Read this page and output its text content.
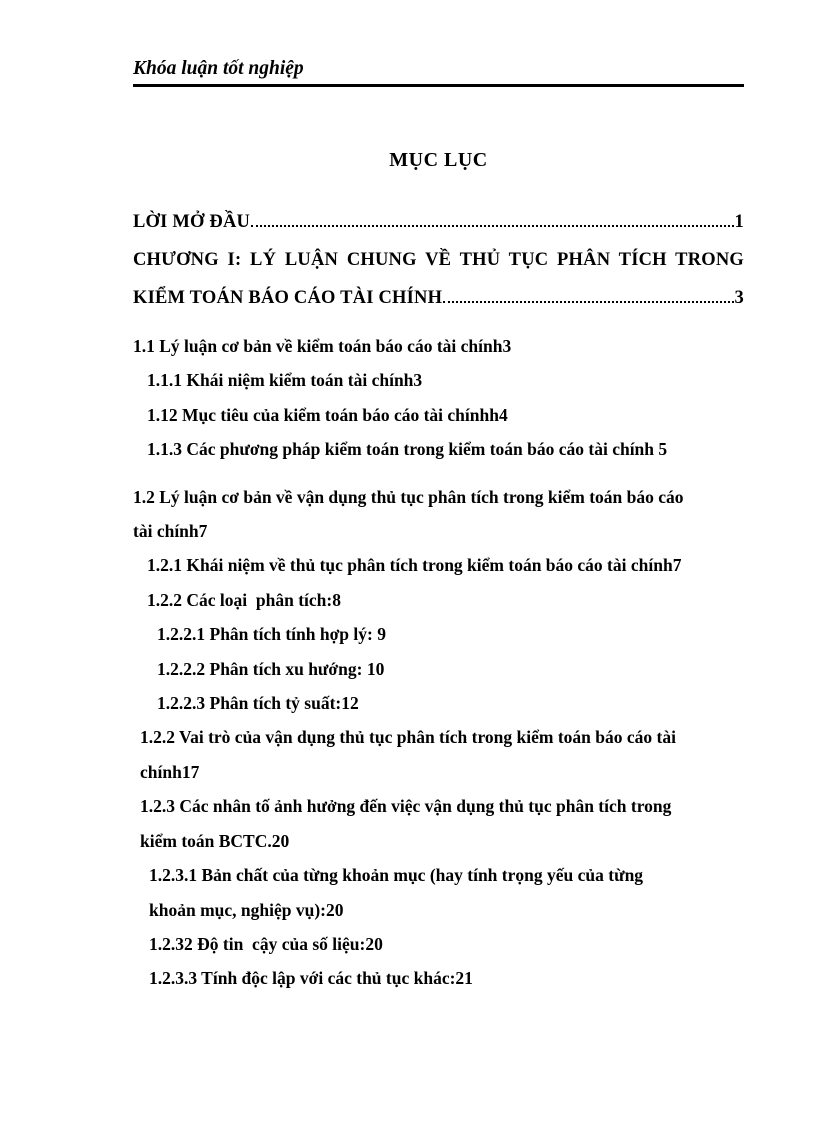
Khóa luận tốt nghiệp
MỤC LỤC
LỜI MỞ ĐẦU	1
CHƯƠNG I: LÝ LUẬN CHUNG VỀ THỦ TỤC PHÂN TÍCH TRONG
KIỂM TOÁN BÁO CÁO TÀI CHÍNH	3
1.1 Lý luận cơ bản về kiểm toán báo cáo tài chính3
1.1.1 Khái niệm kiểm toán tài chính3
1.12 Mục tiêu của kiểm toán báo cáo tài chínhh4
1.1.3 Các phương pháp kiểm toán trong kiểm toán báo cáo tài chính 5
1.2 Lý luận cơ bản về vận dụng thủ tục phân tích trong kiểm toán báo cáo
tài chính7
1.2.1 Khái niệm về thủ tục phân tích trong kiểm toán báo cáo tài chính7
1.2.2 Các loại  phân tích:8
1.2.2.1 Phân tích tính hợp lý: 9
1.2.2.2 Phân tích xu hướng: 10
1.2.2.3 Phân tích tỷ suất:12
1.2.2 Vai trò của vận dụng thủ tục phân tích trong kiểm toán báo cáo tài
chính17
1.2.3 Các nhân tố ảnh hưởng đến việc vận dụng thủ tục phân tích trong
kiểm toán BCTC.20
1.2.3.1 Bản chất của từng khoản mục (hay tính trọng yếu của từng
khoản mục, nghiệp vụ):20
1.2.32 Độ tin  cậy của số liệu:20
1.2.3.3 Tính độc lập với các thủ tục khác:21
